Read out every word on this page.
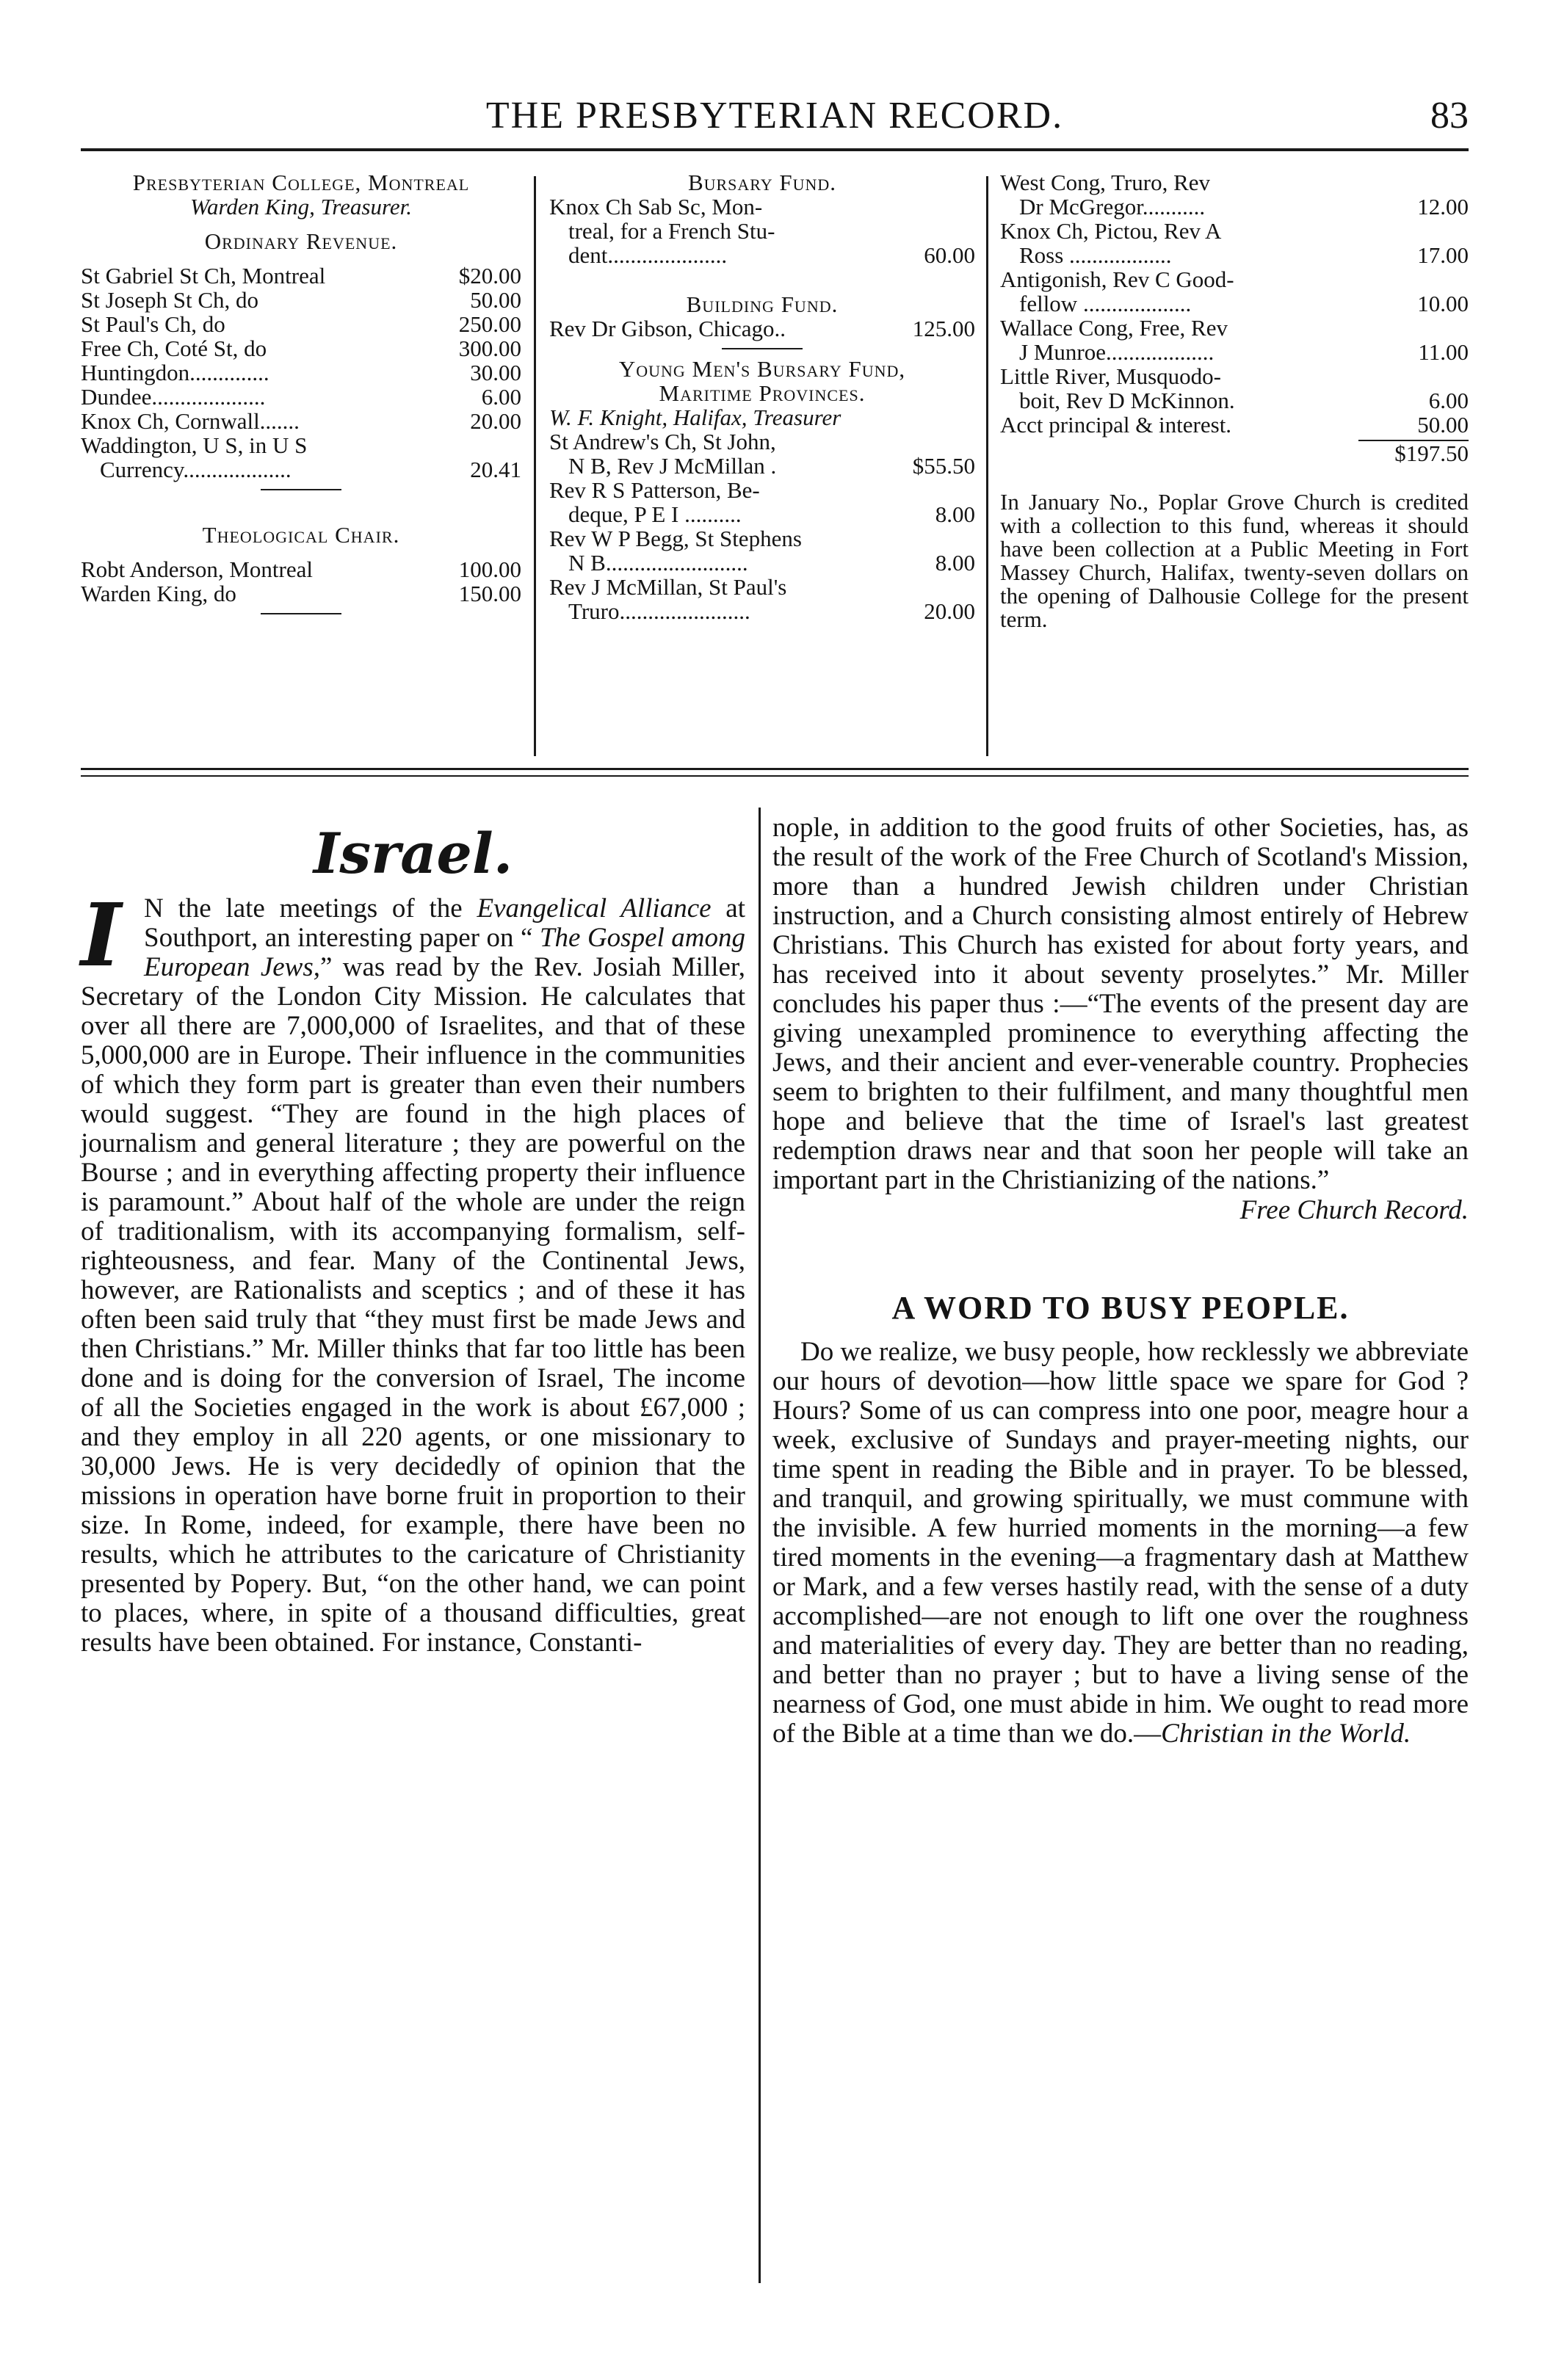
THE PRESBYTERIAN RECORD.	83
Presbyterian College, Montreal
Warden King, Treasurer.
Ordinary Revenue.
St Gabriel St Ch, Montreal	$20.00
St Joseph St Ch, do	50.00
St Paul's Ch, do	250.00
Free Ch, Coté St, do	300.00
Huntingdon..............	30.00
Dundee....................	6.00
Knox Ch, Cornwall.......	20.00
Waddington, U S, in U S
Currency...................	20.41
Theological Chair.
Robt Anderson, Montreal	100.00
Warden King, do	150.00
Bursary Fund.
Knox Ch Sab Sc, Mon-
treal, for a French Stu-
dent.....................	60.00
Building Fund.
Rev Dr Gibson, Chicago..	125.00
Young Men's Bursary Fund,
Maritime Provinces.
W. F. Knight, Halifax, Treasurer
St Andrew's Ch, St John,
N B, Rev J McMillan .	$55.50
Rev R S Patterson, Be-
deque, P E I ..........	8.00
Rev W P Begg, St Stephens
N B.........................	8.00
Rev J McMillan, St Paul's
Truro.......................	20.00
West Cong, Truro, Rev
Dr McGregor...........	12.00
Knox Ch, Pictou, Rev A
Ross ..................	17.00
Antigonish, Rev C Good-
fellow ...................	10.00
Wallace Cong, Free, Rev
J Munroe...................	11.00
Little River, Musquodo-
boit, Rev D McKinnon.	6.00
Acct principal & interest.	50.00
$197.50
In January No., Poplar Grove Church is credited with a collection to this fund, whereas it should have been collection at a Public Meeting in Fort Massey Church, Halifax, twenty-seven dollars on the opening of Dalhousie College for the present term.
Israel.
I N the late meetings of the Evangelical Alliance at Southport, an interesting paper on “ The Gospel among European Jews,” was read by the Rev. Josiah Miller, Secretary of the London City Mission. He calculates that over all there are 7,000,000 of Israelites, and that of these 5,000,000 are in Europe. Their influence in the communities of which they form part is greater than even their numbers would suggest. “They are found in the high places of journalism and general literature ; they are powerful on the Bourse ; and in everything affecting property their influence is paramount.” About half of the whole are under the reign of traditionalism, with its accompanying formalism, self-righteousness, and fear. Many of the Continental Jews, however, are Rationalists and sceptics ; and of these it has often been said truly that “they must first be made Jews and then Christians.” Mr. Miller thinks that far too little has been done and is doing for the conversion of Israel, The income of all the Societies engaged in the work is about £67,000 ; and they employ in all 220 agents, or one missionary to 30,000 Jews. He is very decidedly of opinion that the missions in operation have borne fruit in proportion to their size. In Rome, indeed, for example, there have been no results, which he attributes to the caricature of Christianity presented by Popery. But, “on the other hand, we can point to places, where, in spite of a thousand difficulties, great results have been obtained. For instance, Constanti-
nople, in addition to the good fruits of other Societies, has, as the result of the work of the Free Church of Scotland's Mission, more than a hundred Jewish children under Christian instruction, and a Church consisting almost entirely of Hebrew Christians. This Church has existed for about forty years, and has received into it about seventy proselytes.” Mr. Miller concludes his paper thus :—“The events of the present day are giving unexampled prominence to everything affecting the Jews, and their ancient and ever-venerable country. Prophecies seem to brighten to their fulfilment, and many thoughtful men hope and believe that the time of Israel's last greatest redemption draws near and that soon her people will take an important part in the Christianizing of the nations.”
Free Church Record.
A WORD TO BUSY PEOPLE.
Do we realize, we busy people, how recklessly we abbreviate our hours of devotion—how little space we spare for God ? Hours? Some of us can compress into one poor, meagre hour a week, exclusive of Sundays and prayer-meeting nights, our time spent in reading the Bible and in prayer. To be blessed, and tranquil, and growing spiritually, we must commune with the invisible. A few hurried moments in the morning—a few tired moments in the evening—a fragmentary dash at Matthew or Mark, and a few verses hastily read, with the sense of a duty accomplished—are not enough to lift one over the roughness and materialities of every day. They are better than no reading, and better than no prayer ; but to have a living sense of the nearness of God, one must abide in him. We ought to read more of the Bible at a time than we do.—Christian in the World.
